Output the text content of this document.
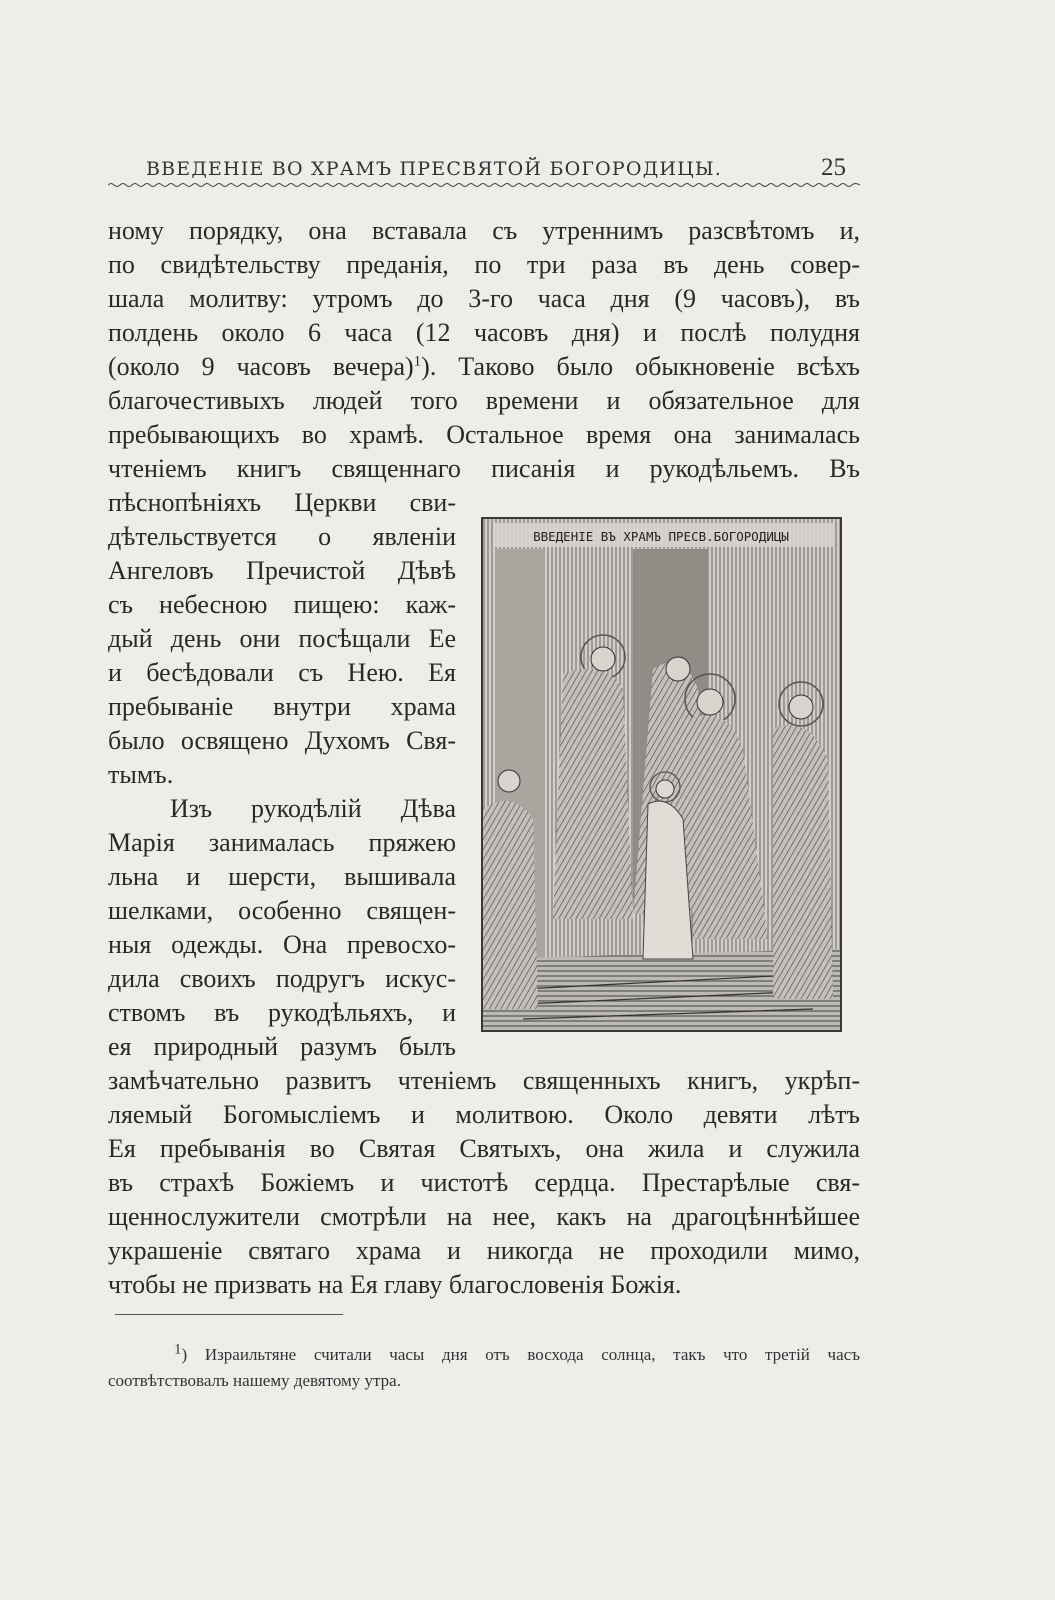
ВВЕДЕНІЕ ВО ХРАМЪ ПРЕСВЯТОЙ БОГОРОДИЦЫ.	25
ному порядку, она вставала съ утреннимъ разсвѣтомъ и,
по свидѣтельству преданія, по три раза въ день совер-
шала молитву: утромъ до 3-го часа дня (9 часовъ), въ
полдень около 6 часа (12 часовъ дня) и послѣ полудня
(около 9 часовъ вечера)$^1$). Таково было обыкновеніе всѣхъ
благочестивыхъ людей того времени и обязательное для
пребывающихъ во храмѣ. Остальное время она занималась
чтеніемъ книгъ священнаго писанія и рукодѣльемъ. Въ
пѣснопѣніяхъ Церкви сви-
дѣтельствуется о явленіи
Ангеловъ Пречистой Дѣвѣ
съ небесною пищею: каж-
дый день они посѣщали Ее
и бесѣдовали съ Нею. Ея
пребываніе внутри храма
было освящено Духомъ Свя-
тымъ.
Изъ рукодѣлій Дѣва
Марія занималась пряжею
льна и шерсти, вышивала
шелками, особенно священ-
ныя одежды. Она превосхо-
дила своихъ подругъ искус-
ствомъ въ рукодѣльяхъ, и
ея природный разумъ былъ
замѣчательно развитъ чтеніемъ священныхъ книгъ, укрѣп-
ляемый Богомысліемъ и молитвою. Около девяти лѣтъ
Ея пребыванія во Святая Святыхъ, она жила и служила
въ страхѣ Божіемъ и чистотѣ сердца. Престарѣлые свя-
щеннослужители смотрѣли на нее, какъ на драгоцѣннѣйшее
украшеніе святаго храма и никогда не проходили мимо,
чтобы не призвать на Ея главу благословенія Божія.
ВВЕДЕНІЕ ВЪ ХРАМЪ ПРЕСВ.БОГОРОДИЦЫ
$^1$) Израильтяне считали часы дня отъ восхода солнца, такъ что третій часъ
соотвѣтствовалъ нашему девятому утра.
